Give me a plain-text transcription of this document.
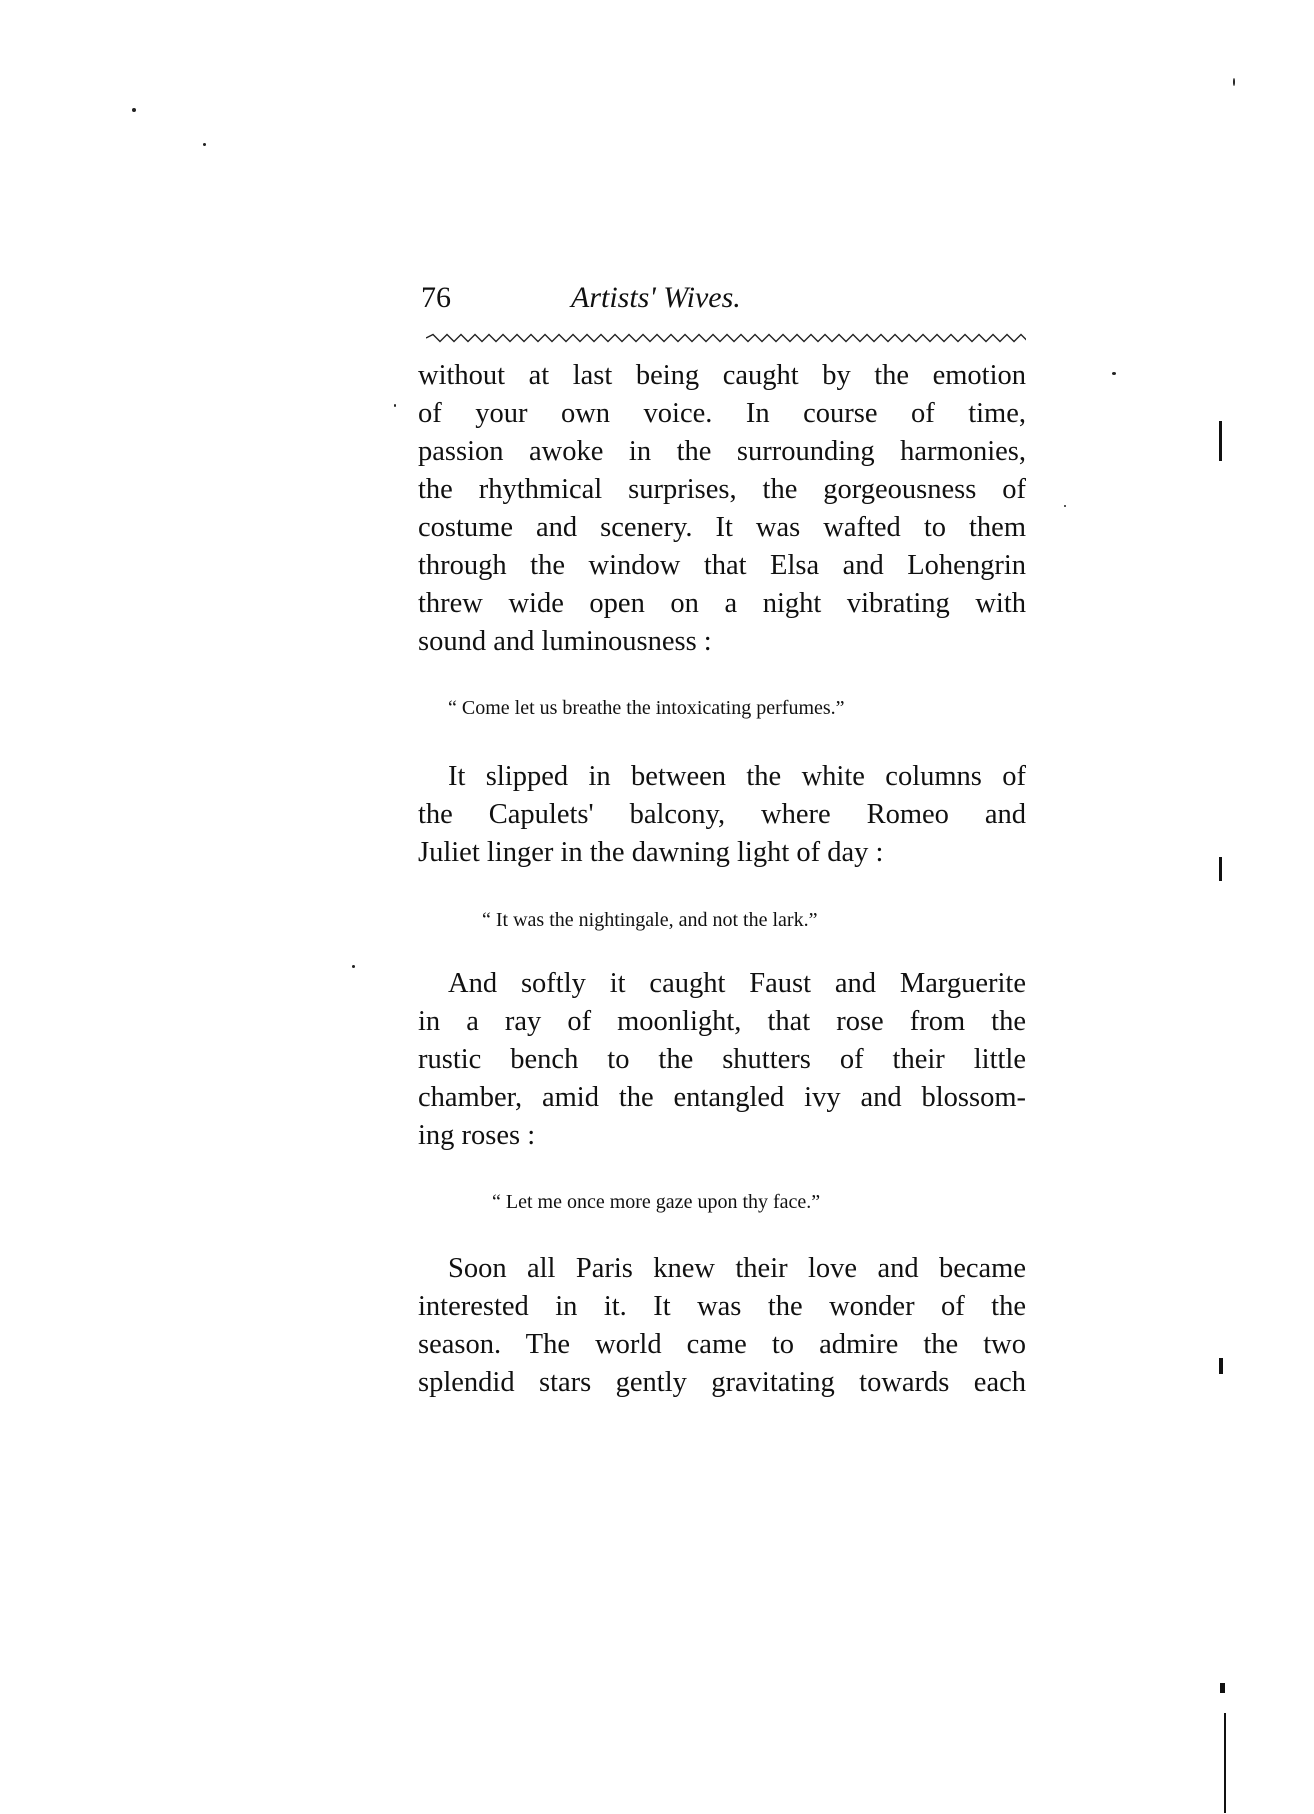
76	Artists' Wives.
without at last being caught by the emotion
of your own voice. In course of time,
passion awoke in the surrounding harmonies,
the rhythmical surprises, the gorgeousness of
costume and scenery. It was wafted to them
through the window that Elsa and Lohengrin
threw wide open on a night vibrating with
sound and luminousness :
“ Come let us breathe the intoxicating perfumes.”
It slipped in between the white columns of
the Capulets' balcony, where Romeo and
Juliet linger in the dawning light of day :
“ It was the nightingale, and not the lark.”
And softly it caught Faust and Marguerite
in a ray of moonlight, that rose from the
rustic bench to the shutters of their little
chamber, amid the entangled ivy and blossom-
ing roses :
“ Let me once more gaze upon thy face.”
Soon all Paris knew their love and became
interested in it. It was the wonder of the
season. The world came to admire the two
splendid stars gently gravitating towards each
